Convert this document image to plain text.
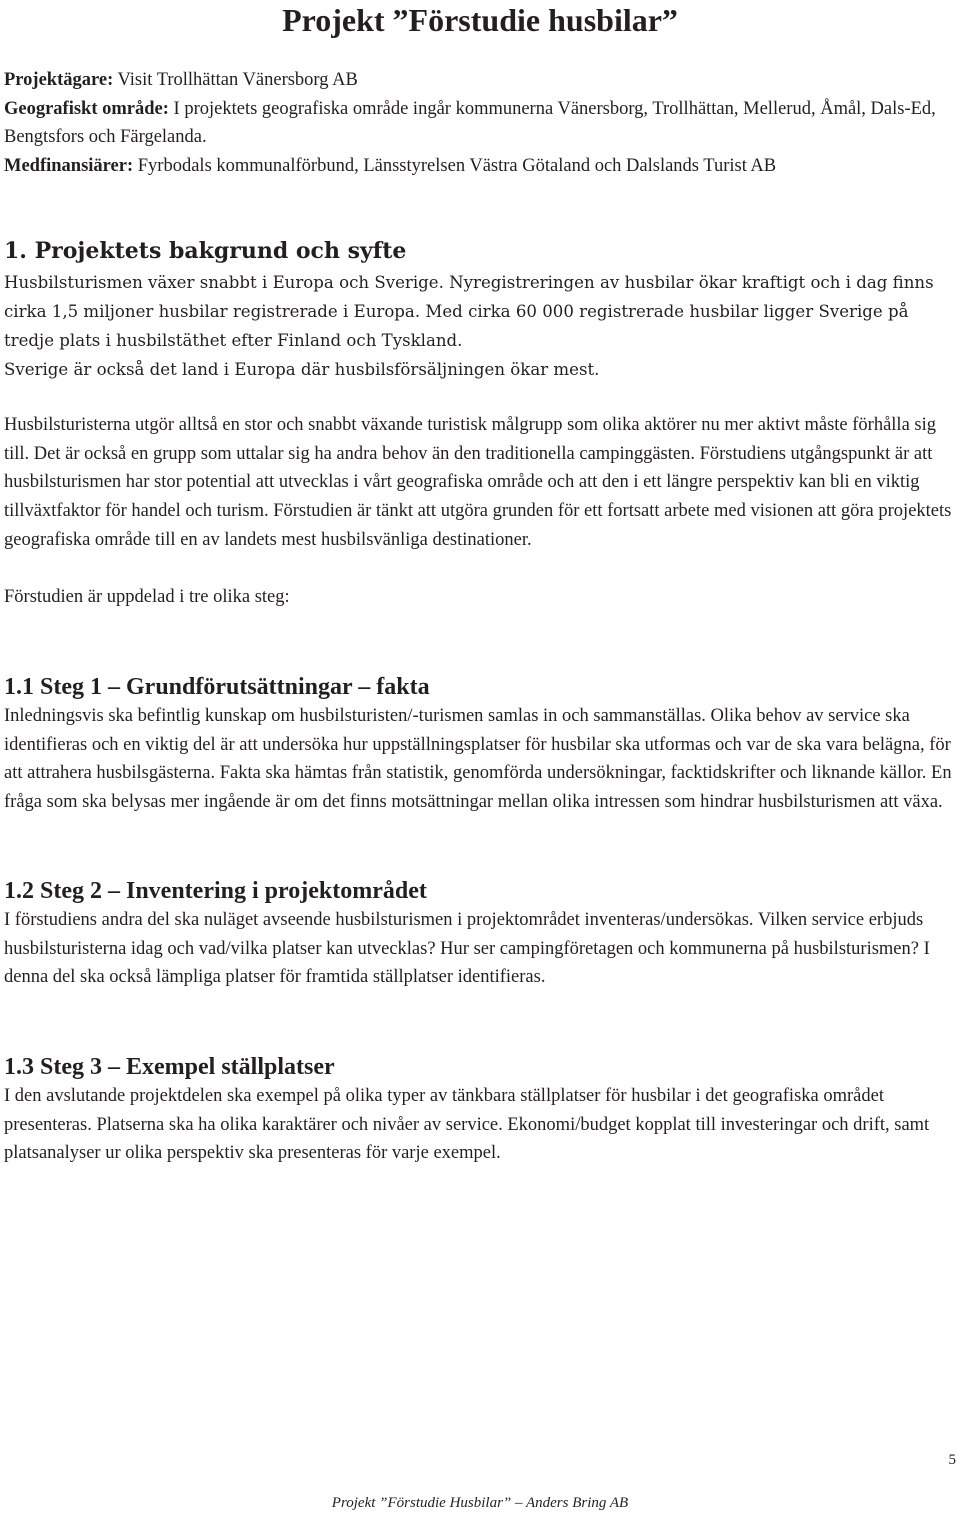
Projekt ”Förstudie husbilar”
Projektägare: Visit Trollhättan Vänersborg AB
Geografiskt område: I projektets geografiska område ingår kommunerna Vänersborg, Trollhättan, Mellerud, Åmål, Dals-Ed, Bengtsfors och Färgelanda.
Medfinansiärer: Fyrbodals kommunalförbund, Länsstyrelsen Västra Götaland och Dalslands Turist AB
1. Projektets bakgrund och syfte

Husbilsturismen växer snabbt i Europa och Sverige. Nyregistreringen av husbilar ökar kraftigt och i dag finns cirka 1,5 miljoner husbilar registrerade i Europa. Med cirka 60 000 registrerade husbilar ligger Sverige på tredje plats i husbilstäthet efter Finland och Tyskland.

Sverige är också det land i Europa där husbilsförsäljningen ökar mest.

Husbilsturisterna utgör alltså en stor och snabbt växande turistisk målgrupp som olika aktörer nu mer aktivt måste förhålla sig till. Det är också en grupp som uttalar sig ha andra behov än den traditionella campinggästen. Förstudiens utgångspunkt är att husbilsturismen har stor potential att utvecklas i vårt geografiska område och att den i ett längre perspektiv kan bli en viktig tillväxtfaktor för handel och turism. Förstudien är tänkt att utgöra grunden för ett fortsatt arbete med visionen att göra projektets geografiska område till en av landets mest husbilsvänliga destinationer.

Förstudien är uppdelad i tre olika steg:

1.1 Steg 1 – Grundförutsättningar – fakta

Inledningsvis ska befintlig kunskap om husbilsturisten/-turismen samlas in och sammanställas. Olika behov av service ska identifieras och en viktig del är att undersöka hur uppställningsplatser för husbilar ska utformas och var de ska vara belägna, för att attrahera husbilsgästerna. Fakta ska hämtas från statistik, genomförda undersökningar, facktidskrifter och liknande källor. En fråga som ska belysas mer ingående är om det finns motsättningar mellan olika intressen som hindrar husbilsturismen att växa.

1.2 Steg 2 – Inventering i projektområdet

I förstudiens andra del ska nuläget avseende husbilsturismen i projektområdet inventeras/undersökas. Vilken service erbjuds husbilsturisterna idag och vad/vilka platser kan utvecklas? Hur ser campingföretagen och kommunerna på husbilsturismen? I denna del ska också lämpliga platser för framtida ställplatser identifieras.

1.3 Steg 3 – Exempel ställplatser

I den avslutande projektdelen ska exempel på olika typer av tänkbara ställplatser för husbilar i det geografiska området presenteras. Platserna ska ha olika karaktärer och nivåer av service. Ekonomi/budget kopplat till investeringar och drift, samt platsanalyser ur olika perspektiv ska presenteras för varje exempel.

5
Projekt ”Förstudie Husbilar” – Anders Bring AB
